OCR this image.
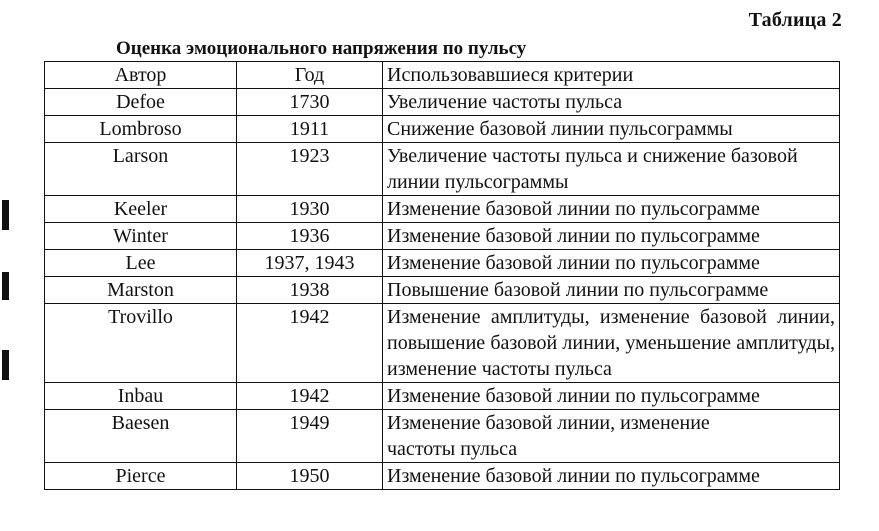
Таблица 2
Оценка эмоционального напряжения по пульсу
Автор	Год	Использовавшиеся критерии
Defoe	1730	Увеличение частоты пульса
Lombroso	1911	Снижение базовой линии пульсограммы
Larson	1923	Увеличение частоты пульса и снижение базовой линии пульсограммы
Keeler	1930	Изменение базовой линии по пульсограмме
Winter	1936	Изменение базовой линии по пульсограмме
Lee	1937, 1943	Изменение базовой линии по пульсограмме
Marston	1938	Повышение базовой линии по пульсограмме
Trovillo	1942	Изменение амплитуды, изменение базовой линии, повышение базовой линии, уменьшение амплитуды, изменение частоты пульса
Inbau	1942	Изменение базовой линии по пульсограмме
Baesen	1949	Изменение базовой линии, изменение частоты пульса
Pierce	1950	Изменение базовой линии по пульсограмме
